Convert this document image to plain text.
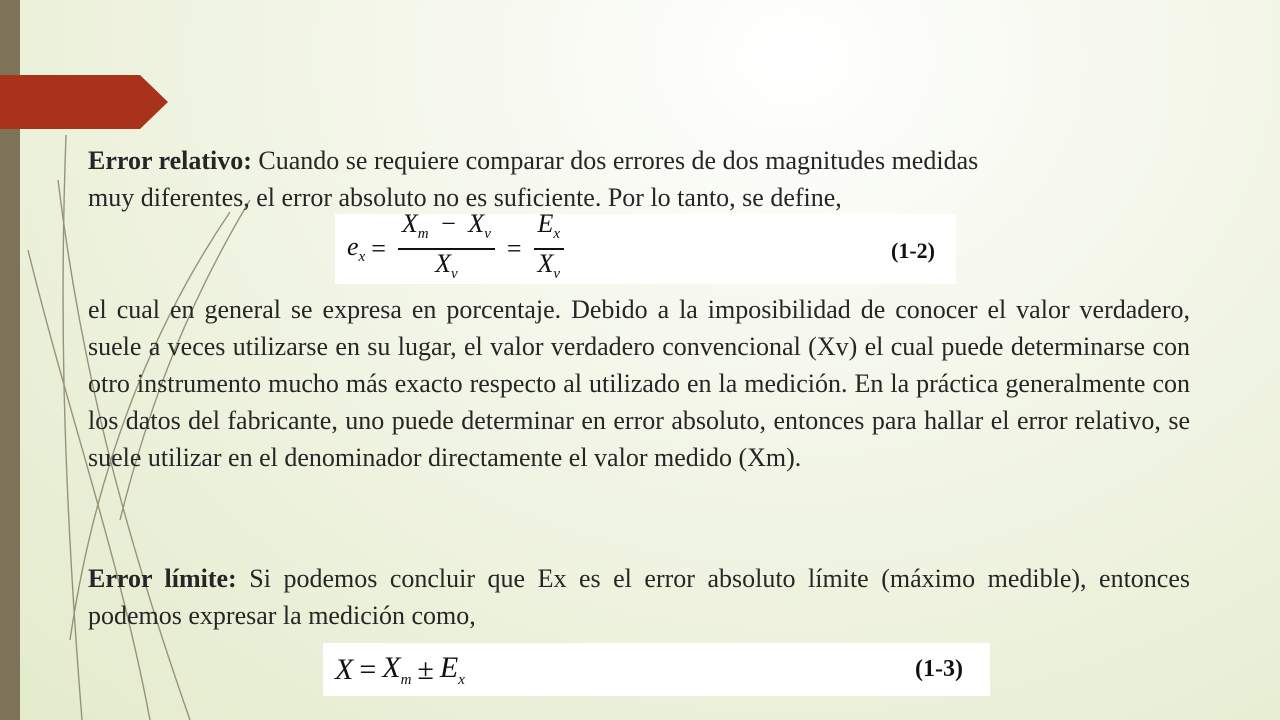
Error relativo: Cuando se requiere comparar dos errores de dos magnitudes medidas
muy diferentes, el error absoluto no es suficiente. Por lo tanto, se define,

$e_x = \frac{X_m - X_v}{X_v} = \frac{E_x}{X_v}$	(1-2)

el cual en general se expresa en porcentaje. Debido a la imposibilidad de conocer el valor verdadero, suele a veces utilizarse en su lugar, el valor verdadero convencional (Xv) el cual puede determinarse con otro instrumento mucho más exacto respecto al utilizado en la medición. En la práctica generalmente con los datos del fabricante, uno puede determinar en error absoluto, entonces para hallar el error relativo, se suele utilizar en el denominador directamente el valor medido (Xm).

Error límite: Si podemos concluir que Ex es el error absoluto límite (máximo medible), entonces podemos expresar la medición como,

$X = X_m \pm E_x$	(1-3)
